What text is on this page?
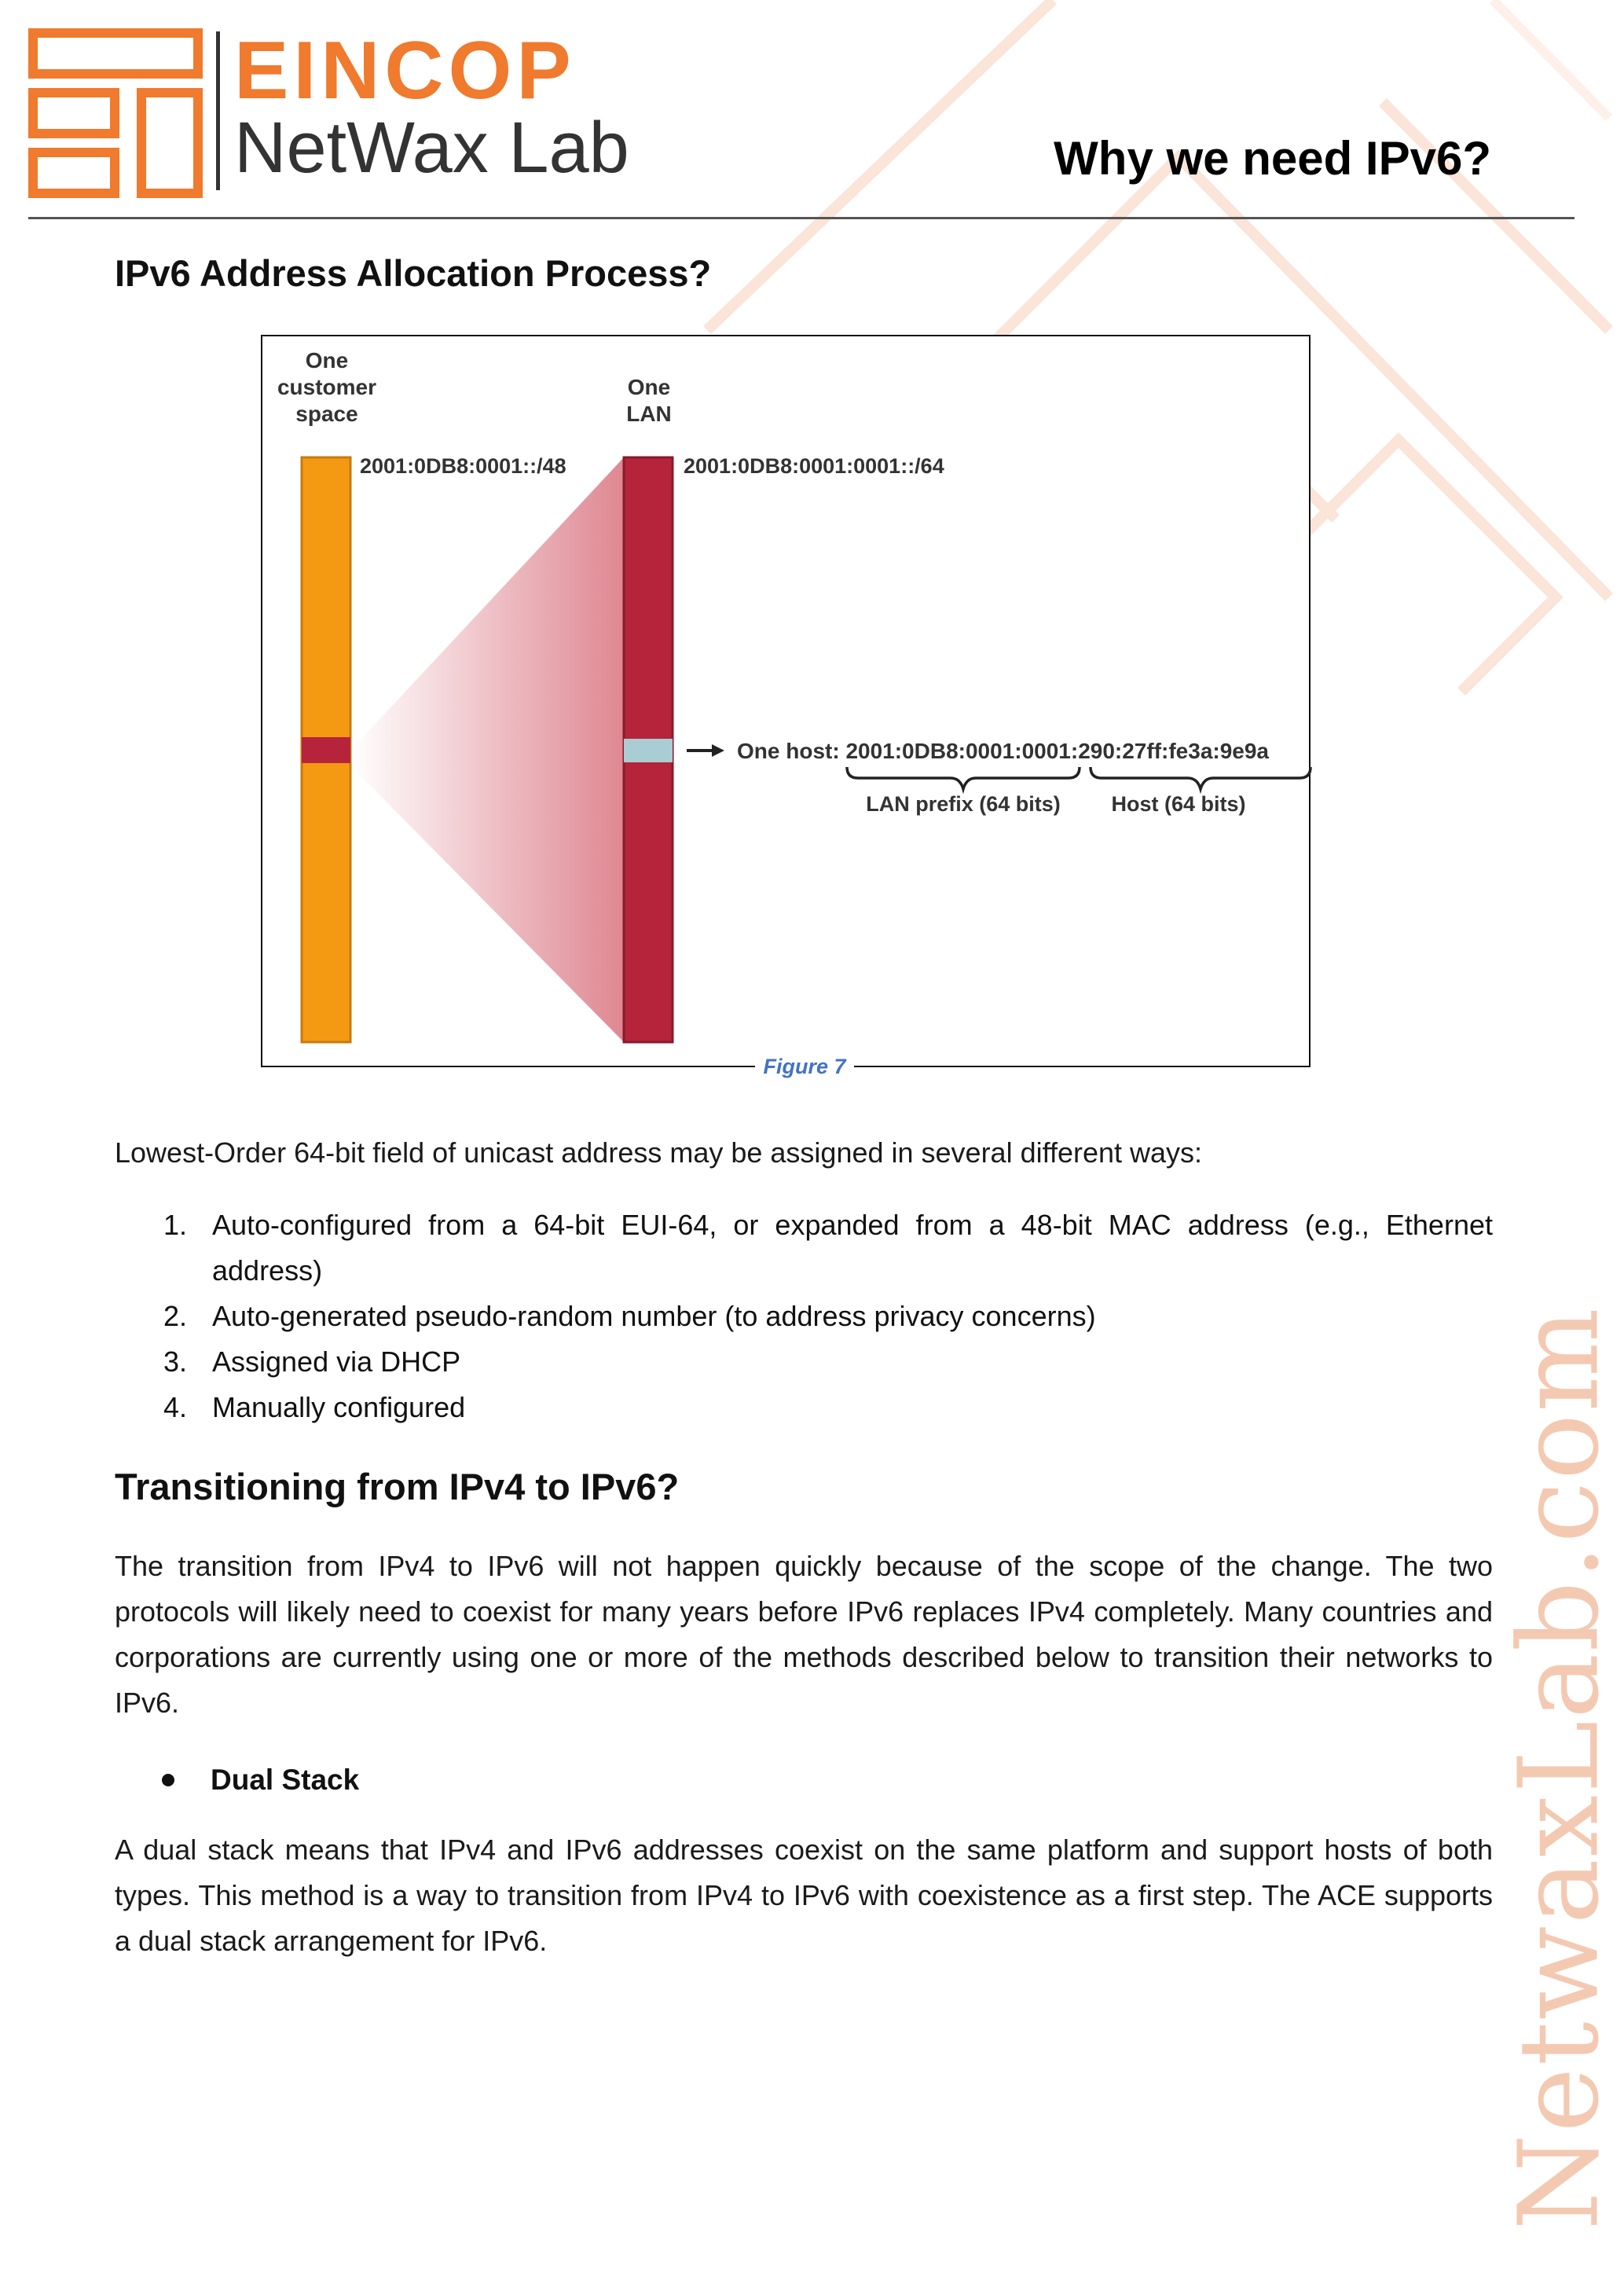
EINCOP
NetWax Lab	Why we need IPv6?
IPv6 Address Allocation Process?
One
customer
space
One
LAN
2001:0DB8:0001::/48	2001:0DB8:0001:0001::/64
One host: 2001:0DB8:0001:0001:290:27ff:fe3a:9e9a
LAN prefix (64 bits) Host (64 bits)
Figure 7
Lowest-Order 64-bit field of unicast address may be assigned in several different ways:
1. Auto-configured from a 64-bit EUI-64, or expanded from a 48-bit MAC address (e.g., Ethernet address)
2. Auto-generated pseudo-random number (to address privacy concerns)
3. Assigned via DHCP
4. Manually configured
Transitioning from IPv4 to IPv6?
The transition from IPv4 to IPv6 will not happen quickly because of the scope of the change. The two protocols will likely need to coexist for many years before IPv6 replaces IPv4 completely. Many countries and corporations are currently using one or more of the methods described below to transition their networks to IPv6.
Dual Stack
A dual stack means that IPv4 and IPv6 addresses coexist on the same platform and support hosts of both types. This method is a way to transition from IPv4 to IPv6 with coexistence as a first step. The ACE supports a dual stack arrangement for IPv6.	NetwaxLab.com
